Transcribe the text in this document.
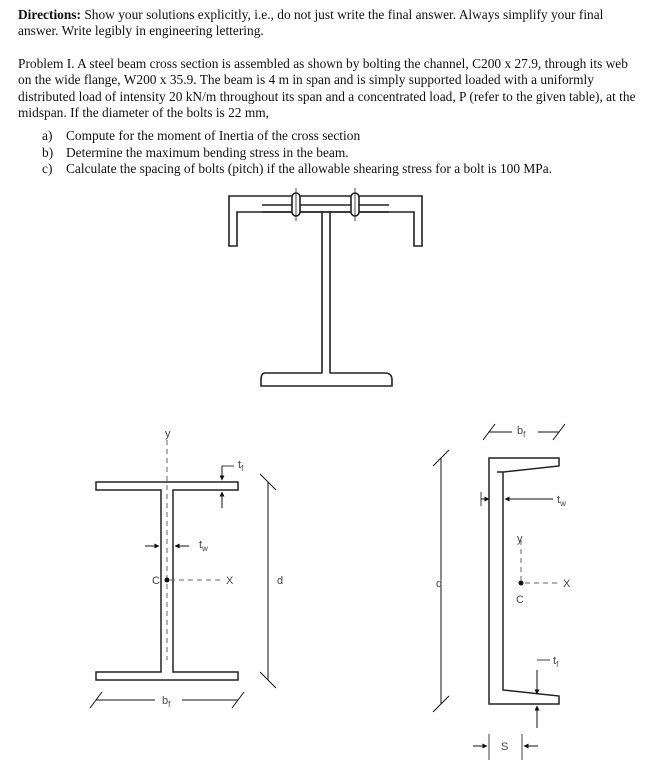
Directions: Show your solutions explicitly, i.e., do not just write the final answer. Always simplify your final answer. Write legibly in engineering lettering.
Problem I. A steel beam cross section is assembled as shown by bolting the channel, C200 x 27.9, through its web on the wide flange, W200 x 35.9. The beam is 4 m in span and is simply supported loaded with a uniformly distributed load of intensity 20 kN/m throughout its span and a concentrated load, P (refer to the given table), at the midspan. If the diameter of the bolts is 22 mm,
a)	Compute for the moment of Inertia of the cross section
b) Determine the maximum bending stress in the beam.
c)	Calculate the spacing of bolts (pitch) if the allowable shearing stress for a bolt is 100 MPa.
y
X
C
$t_f$
$t_w$
d
$b_f$
y
X
C
$b_f$
$t_w$
$t_f$
d
S
